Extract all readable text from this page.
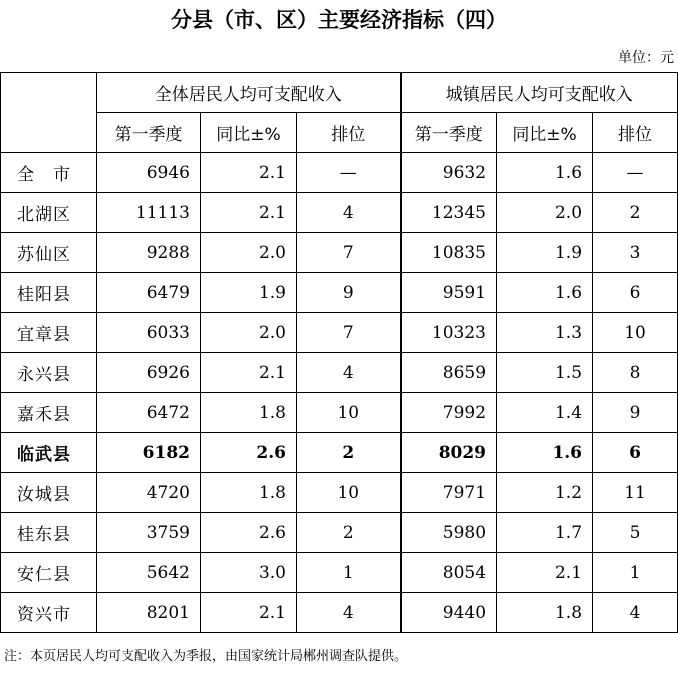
分县（市、区）主要经济指标（四）
单位：元
	全体居民人均可支配收入			城镇居民人均可支配收入		
	第一季度	同比±%	排位	第一季度	同比±%	排位
全　市	6946	2.1	—	9632	1.6	—
北湖区	11113	2.1	4	12345	2.0	2
苏仙区	9288	2.0	7	10835	1.9	3
桂阳县	6479	1.9	9	9591	1.6	6
宜章县	6033	2.0	7	10323	1.3	10
永兴县	6926	2.1	4	8659	1.5	8
嘉禾县	6472	1.8	10	7992	1.4	9
临武县	6182	2.6	2	8029	1.6	6
汝城县	4720	1.8	10	7971	1.2	11
桂东县	3759	2.6	2	5980	1.7	5
安仁县	5642	3.0	1	8054	2.1	1
资兴市	8201	2.1	4	9440	1.8	4
注：本页居民人均可支配收入为季报，由国家统计局郴州调查队提供。
